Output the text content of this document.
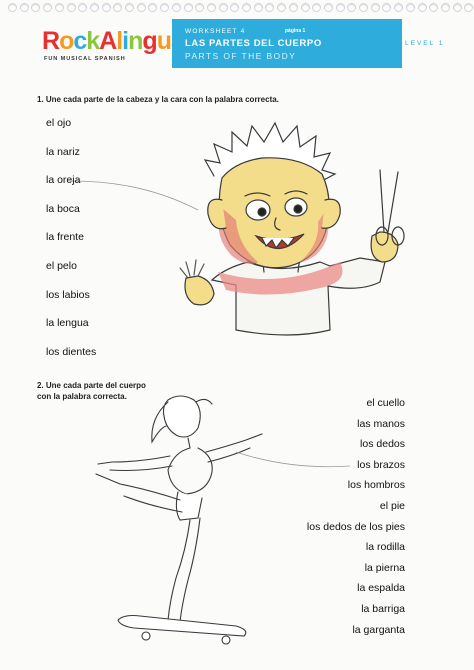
RockAlingu
FUN MUSICAL SPANISH
WORKSHEET 4	página 1
LAS PARTES DEL CUERPO
PARTS OF THE BODY
LEVEL 1
1. Une cada parte de la cabeza y la cara con la palabra correcta.
el ojo
la nariz
la oreja
la boca
la frente
el pelo
los labios
la lengua
los dientes
2. Une cada parte del cuerpo
con la palabra correcta.
el cuello
las manos
los dedos
los brazos
los hombros
el pie
los dedos de los pies
la rodilla
la pierna
la espalda
la barriga
la garganta
